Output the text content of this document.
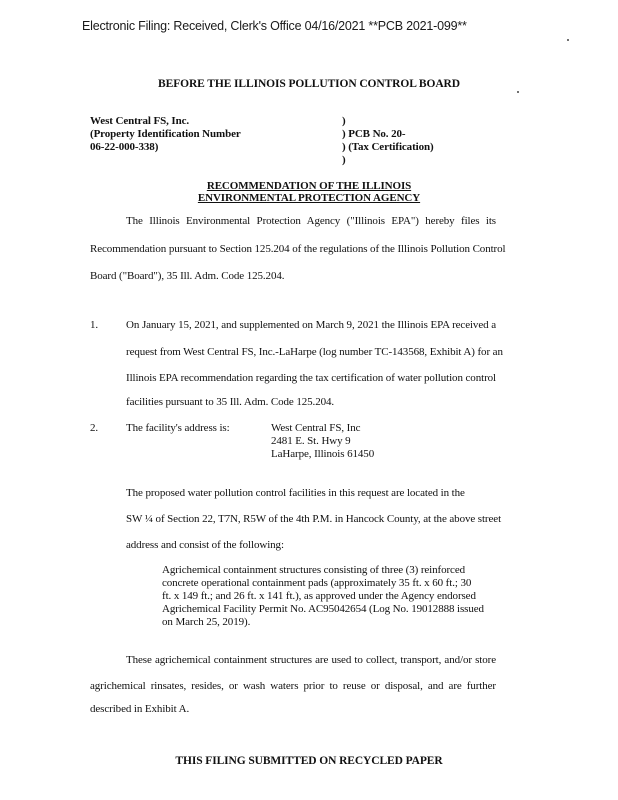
Electronic Filing: Received, Clerk's Office 04/16/2021 **PCB 2021-099**
BEFORE THE ILLINOIS POLLUTION CONTROL BOARD
West Central FS, Inc.
(Property Identification Number
06-22-000-338)
)
) PCB No. 20-
) (Tax Certification)
)
RECOMMENDATION OF THE ILLINOIS
ENVIRONMENTAL PROTECTION AGENCY
The Illinois Environmental Protection Agency ("Illinois EPA") hereby files its
Recommendation pursuant to Section 125.204 of the regulations of the Illinois Pollution Control
Board ("Board"), 35 Ill. Adm. Code 125.204.
1.	On January 15, 2021, and supplemented on March 9, 2021 the Illinois EPA received a
request from West Central FS, Inc.-LaHarpe (log number TC-143568, Exhibit A) for an
Illinois EPA recommendation regarding the tax certification of water pollution control
facilities pursuant to 35 Ill. Adm. Code 125.204.
2.	The facility's address is:	West Central FS, Inc
2481 E. St. Hwy 9
LaHarpe, Illinois 61450
The proposed water pollution control facilities in this request are located in the
SW ¼ of Section 22, T7N, R5W of the 4th P.M. in Hancock County, at the above street
address and consist of the following:
Agrichemical containment structures consisting of three (3) reinforced
concrete operational containment pads (approximately 35 ft. x 60 ft.; 30
ft. x 149 ft.; and 26 ft. x 141 ft.), as approved under the Agency endorsed
Agrichemical Facility Permit No. AC95042654 (Log No. 19012888 issued
on March 25, 2019).
These agrichemical containment structures are used to collect, transport, and/or store
agrichemical rinsates, resides, or wash waters prior to reuse or disposal, and are further
described in Exhibit A.
THIS FILING SUBMITTED ON RECYCLED PAPER
